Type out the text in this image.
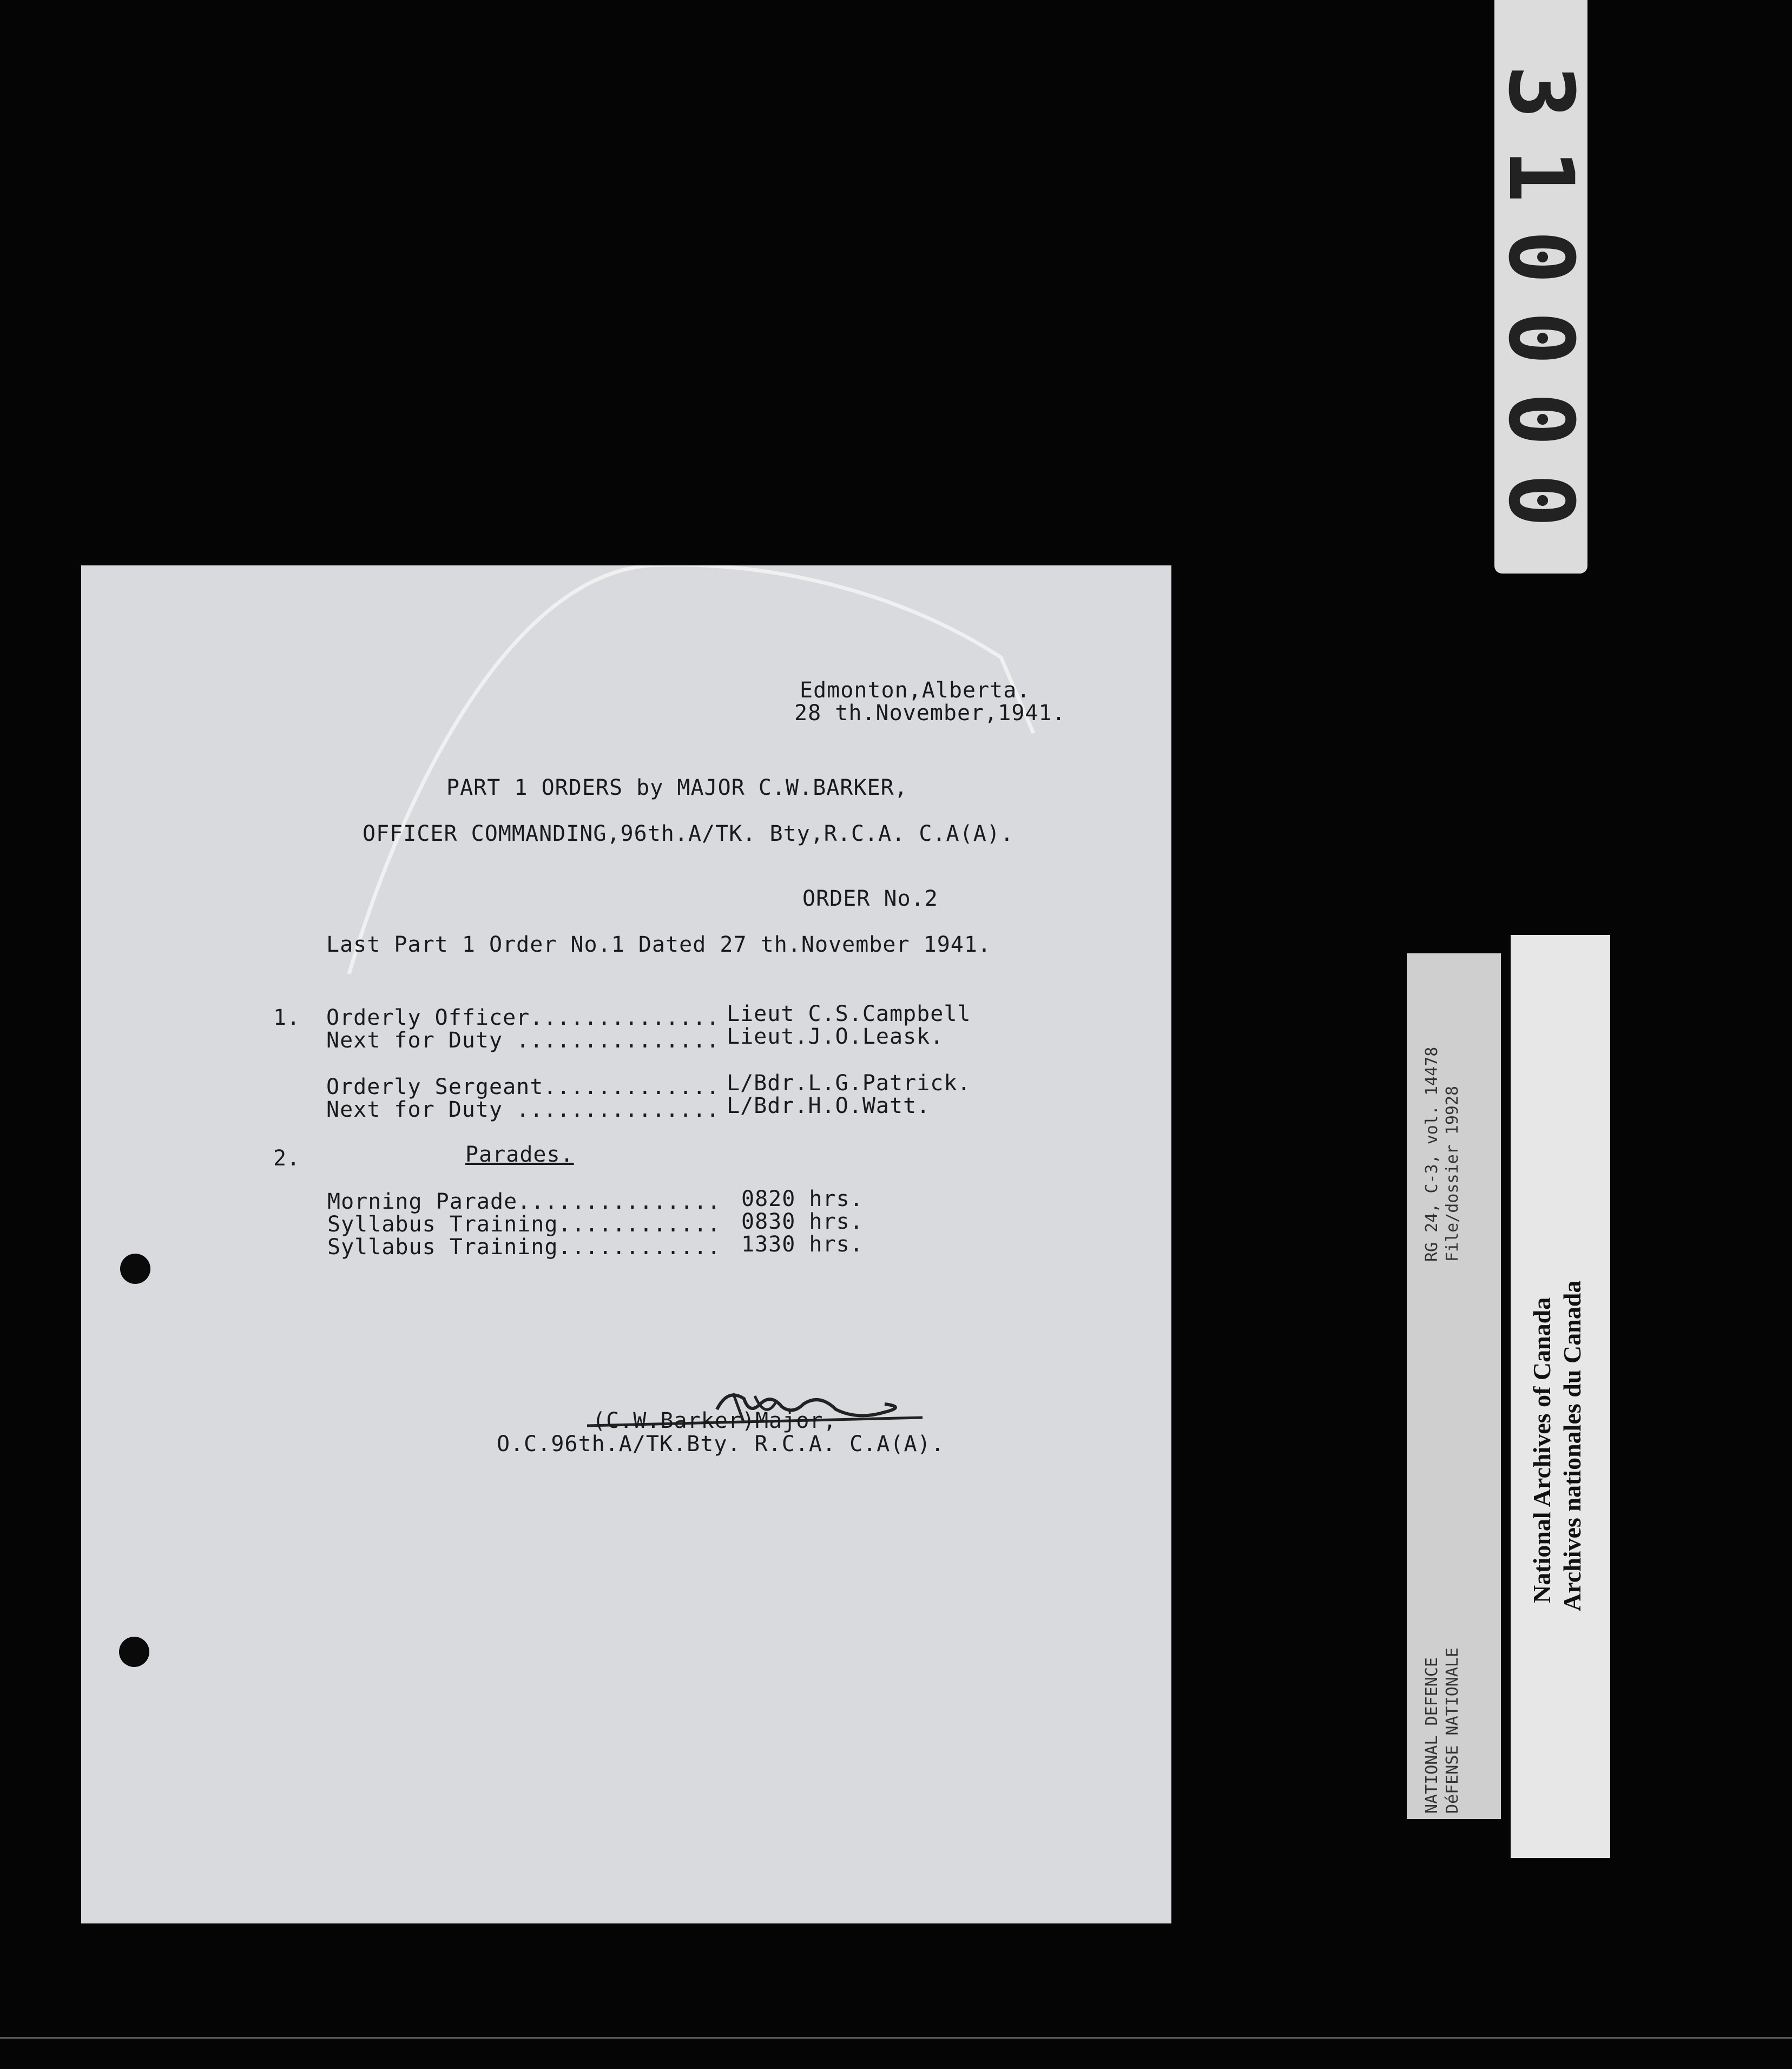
3
1
0
0
0
0
Edmonton,Alberta.
28 th.November,1941.
PART 1 ORDERS by MAJOR C.W.BARKER,
OFFICER COMMANDING,96th.A/TK. Bty,R.C.A. C.A(A).
ORDER No.2
Last Part 1 Order No.1 Dated 27 th.November 1941.
1. Orderly Officer.............. Lieut C.S.Campbell
Next for Duty ............... Lieut.J.O.Leask.
Orderly Sergeant............. L/Bdr.L.G.Patrick.
Next for Duty ............... L/Bdr.H.O.Watt.
2.	Parades.
Morning Parade............... 0820 hrs.
Syllabus Training............ 0830 hrs.
Syllabus Training............ 1330 hrs.
(C.W.Barker)Major,
O.C.96th.A/TK.Bty. R.C.A. C.A(A).
RG 24, C-3, vol. 14478 File/dossier 19928
NATIONAL DEFENCE DéFENSE NATIONALE
National Archives of Canada Archives nationales du Canada
